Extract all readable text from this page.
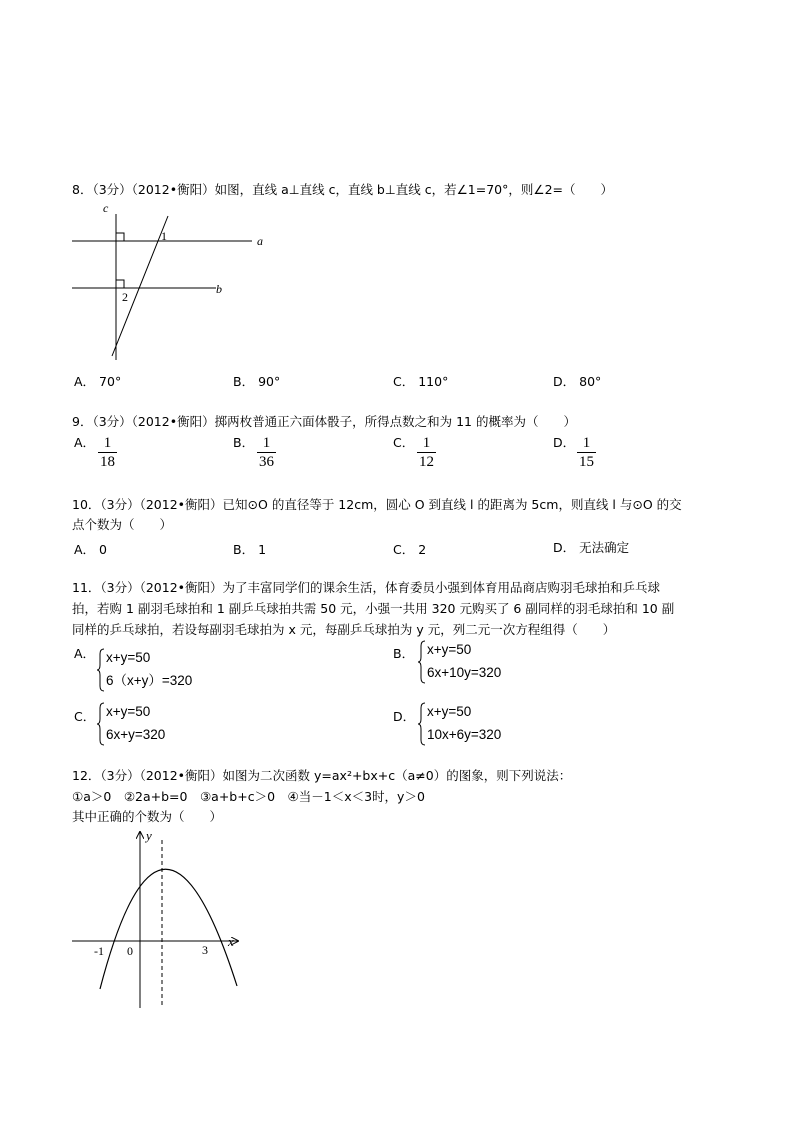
8．（3分）（2012•衡阳）如图，直线 a⊥直线 c，直线 b⊥直线 c，若∠1=70°，则∠2=（　　）
c
a
b
1
2
A． 70°	B． 90°	C． 110°	D． 80°
9．（3分）（2012•衡阳）掷两枚普通正六面体骰子，所得点数之和为 11 的概率为（　　）
A． 1
18
B． 1
36
C． 1
12
D． 1
15
10．（3分）（2012•衡阳）已知⊙O 的直径等于 12cm，圆心 O 到直线 l 的距离为 5cm，则直线 l 与⊙O 的交
点个数为（　　）
A． 0	B． 1	C． 2	D． 无法确定
11．（3分）（2012•衡阳）为了丰富同学们的课余生活，体育委员小强到体育用品商店购羽毛球拍和乒乓球
拍，若购 1 副羽毛球拍和 1 副乒乓球拍共需 50 元，小强一共用 320 元购买了 6 副同样的羽毛球拍和 10 副
同样的乒乓球拍，若设每副羽毛球拍为 x 元，每副乒乓球拍为 y 元，列二元一次方程组得（　　）
A． x+y=50
6（x+y）=320
B． x+y=50
6x+10y=320
C． x+y=50
6x+y=320
D． x+y=50
10x+6y=320
12．（3分）（2012•衡阳）如图为二次函数 y=ax²+bx+c（a≠0）的图象，则下列说法：
①a＞0　②2a+b=0　③a+b+c＞0　④当－1＜x＜3时，y＞0
其中正确的个数为（　　）
y
x
-1 0	3
